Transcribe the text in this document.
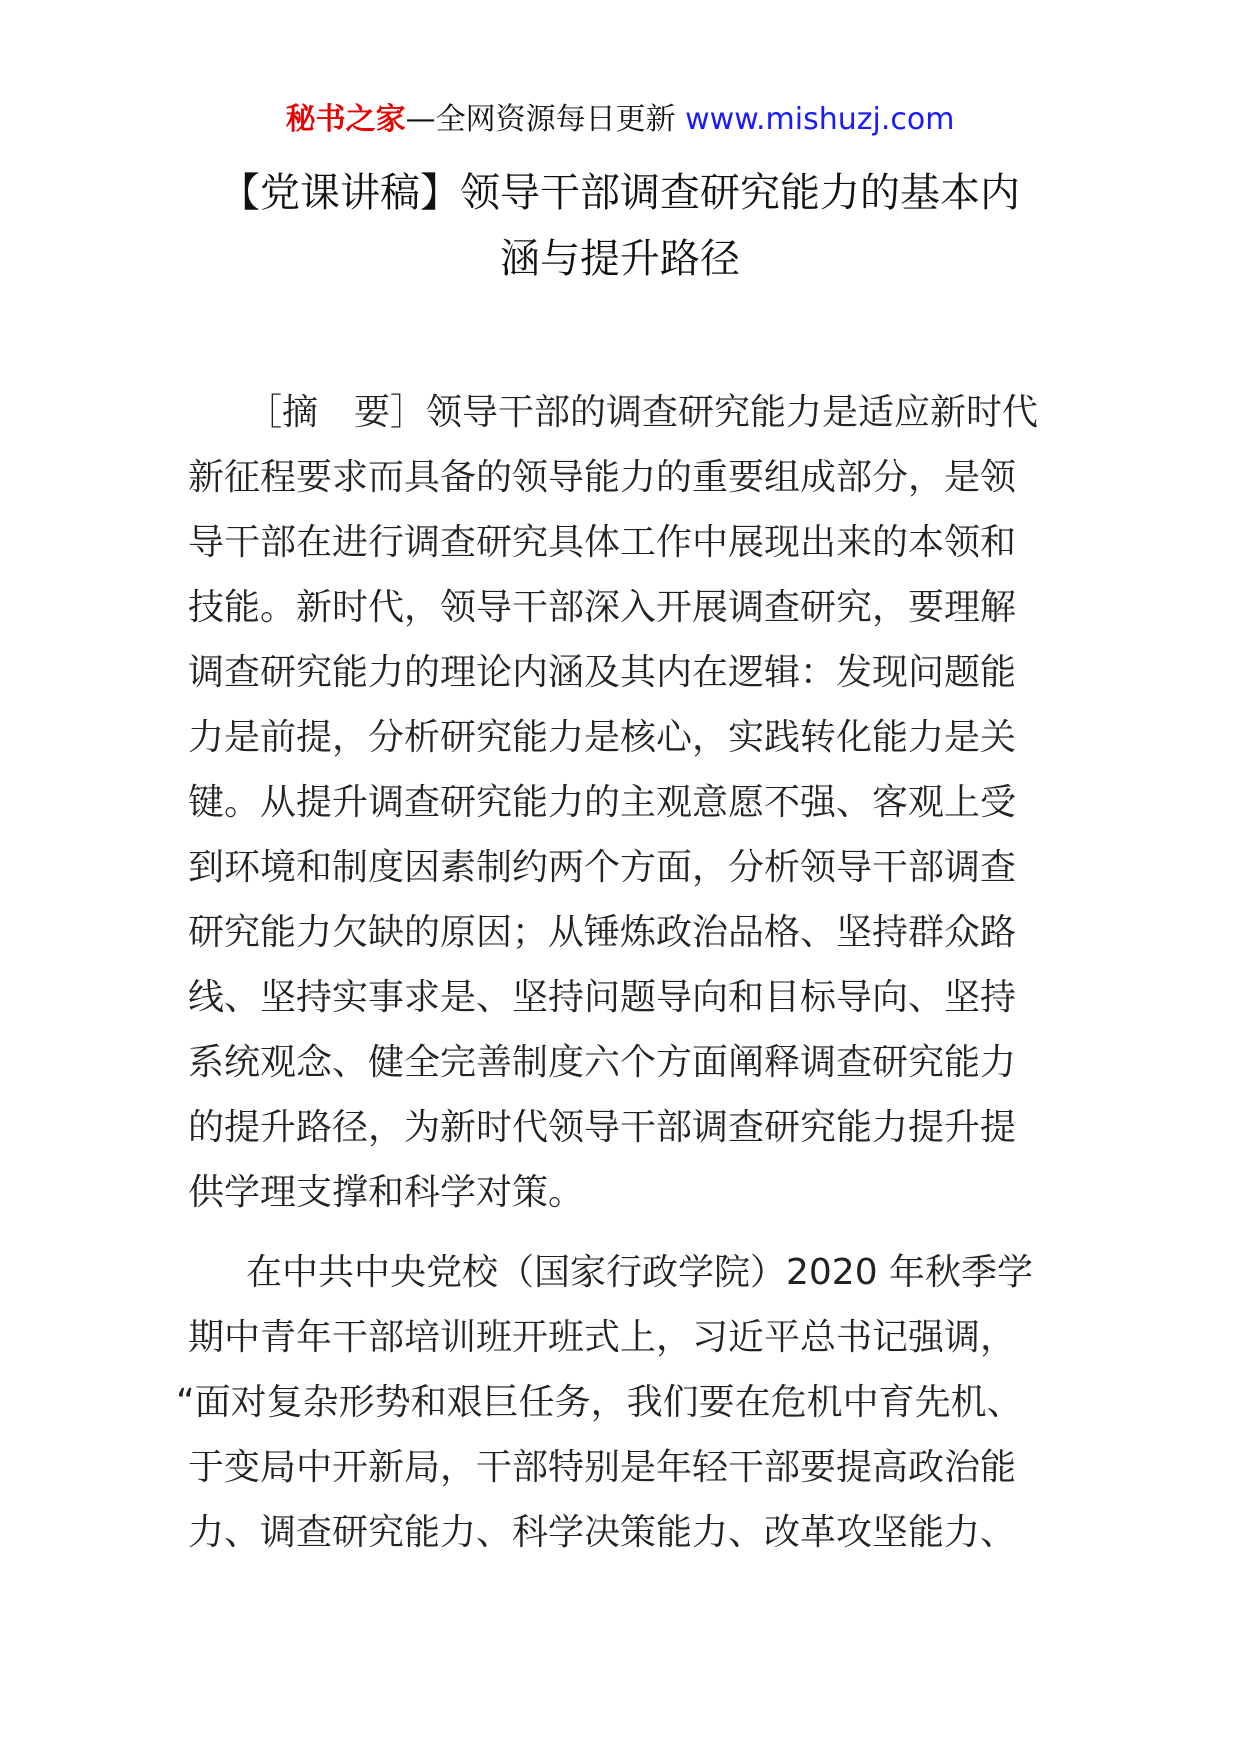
秘书之家—全网资源每日更新 www.mishuzj.com
【党课讲稿】领导干部调查研究能力的基本内
涵与提升路径
［摘　要］领导干部的调查研究能力是适应新时代
新征程要求而具备的领导能力的重要组成部分，是领
导干部在进行调查研究具体工作中展现出来的本领和
技能。新时代，领导干部深入开展调查研究，要理解
调查研究能力的理论内涵及其内在逻辑：发现问题能
力是前提，分析研究能力是核心，实践转化能力是关
键。从提升调查研究能力的主观意愿不强、客观上受
到环境和制度因素制约两个方面，分析领导干部调查
研究能力欠缺的原因；从锤炼政治品格、坚持群众路
线、坚持实事求是、坚持问题导向和目标导向、坚持
系统观念、健全完善制度六个方面阐释调查研究能力
的提升路径，为新时代领导干部调查研究能力提升提
供学理支撑和科学对策。
在中共中央党校（国家行政学院）2020 年秋季学
期中青年干部培训班开班式上，习近平总书记强调，
“面对复杂形势和艰巨任务，我们要在危机中育先机、
于变局中开新局，干部特别是年轻干部要提高政治能
力、调查研究能力、科学决策能力、改革攻坚能力、
